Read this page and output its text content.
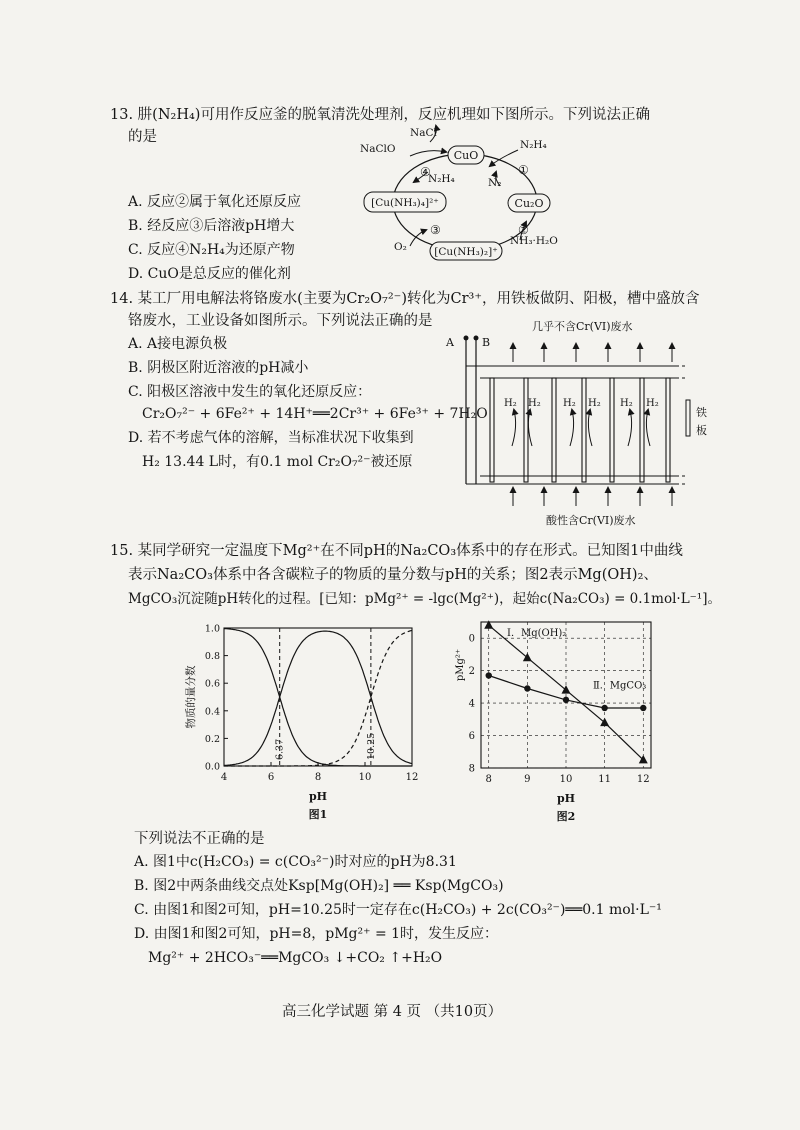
13. 肼(N₂H₄)可用作反应釜的脱氧清洗处理剂，反应机理如下图所示。下列说法正确
的是
A. 反应②属于氧化还原反应
B. 经反应③后溶液pH增大
C. 反应④N₂H₄为还原产物
D. CuO是总反应的催化剂
CuO
Cu₂O
[Cu(NH₃)₂]⁺
[Cu(NH₃)₄]²⁺
NaClO
NaCl
N₂H₄
N₂
NH₃·H₂O
O₂
N₂H₄
①
②
③
④
14. 某工厂用电解法将铬废水(主要为Cr₂O₇²⁻)转化为Cr³⁺，用铁板做阴、阳极，槽中盛放含
铬废水，工业设备如图所示。下列说法正确的是
A. A接电源负极
B. 阴极区附近溶液的pH减小
C. 阳极区溶液中发生的氧化还原反应：
Cr₂O₇²⁻ + 6Fe²⁺ + 14H⁺══2Cr³⁺ + 6Fe³⁺ + 7H₂O
D. 若不考虑气体的溶解，当标准状况下收集到
H₂ 13.44 L时，有0.1 mol Cr₂O₇²⁻被还原
几乎不含Cr(VI)废水
A	B
H₂ H₂ H₂ H₂ H₂ H₂
铁
板
酸性含Cr(VI)废水
15. 某同学研究一定温度下Mg²⁺在不同pH的Na₂CO₃体系中的存在形式。已知图1中曲线
表示Na₂CO₃体系中各含碳粒子的物质的量分数与pH的关系；图2表示Mg(OH)₂、
MgCO₃沉淀随pH转化的过程。[已知：pMg²⁺ = -lgc(Mg²⁺)，起始c(Na₂CO₃) = 0.1mol·L⁻¹]。
4	6	8	10	12
0.0
0.2
0.4
0.6
0.8
1.0
6.37	10.25
pH
物质的量分数
图1
8	9	10	11	12
0
2
4
6
8
Ⅰ．Mg(OH)₂
Ⅱ．MgCO₃
pH
pMg²⁺
图2
下列说法不正确的是
A. 图1中c(H₂CO₃) = c(CO₃²⁻)时对应的pH为8.31
B. 图2中两条曲线交点处Ksp[Mg(OH)₂] ══ Ksp(MgCO₃)
C. 由图1和图2可知，pH=10.25时一定存在c(H₂CO₃) + 2c(CO₃²⁻)══0.1 mol·L⁻¹
D. 由图1和图2可知，pH=8，pMg²⁺ = 1时，发生反应：
Mg²⁺ + 2HCO₃⁻══MgCO₃ ↓+CO₂ ↑+H₂O
高三化学试题 第 4 页 （共10页）
